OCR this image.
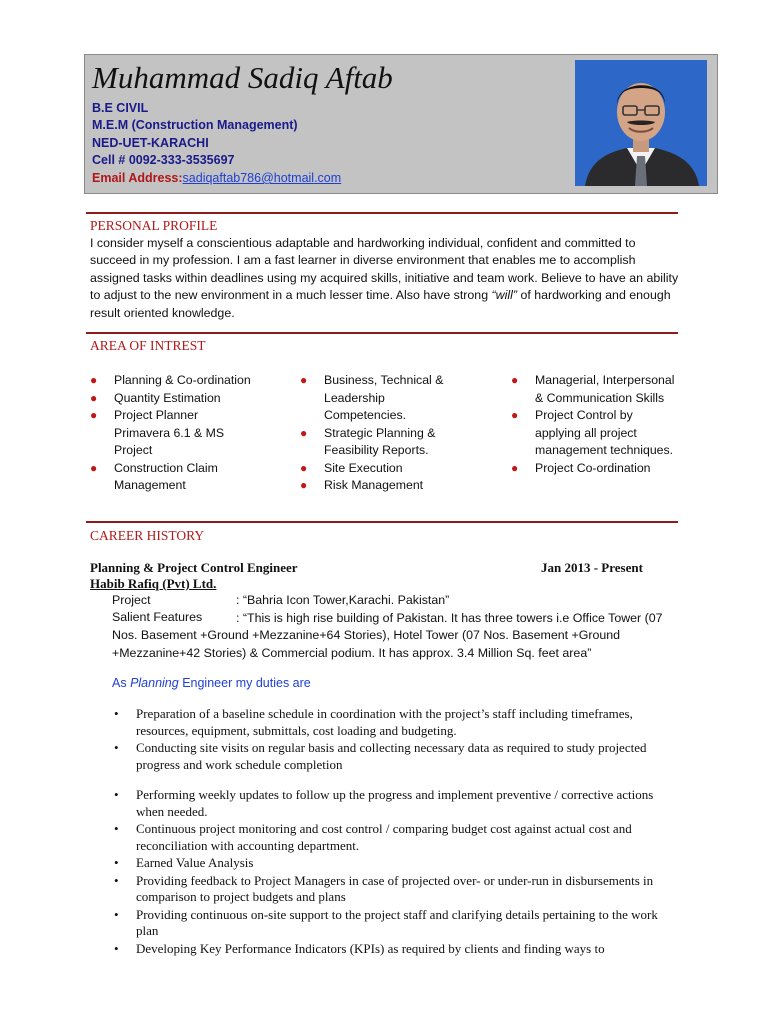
Muhammad Sadiq Aftab
B.E CIVIL
M.E.M (Construction Management)
NED-UET-KARACHI
Cell # 0092-333-3535697
Email Address:sadiqaftab786@hotmail.com
PERSONAL PROFILE
I consider myself a conscientious adaptable and hardworking individual, confident and committed to succeed in my profession. I am a fast learner in diverse environment that enables me to accomplish assigned tasks within deadlines using my acquired skills, initiative and team work. Believe to have an ability to adjust to the new environment in a much lesser time. Also have strong “will” of hardworking and enough result oriented knowledge.
AREA OF INTREST
● Planning & Co-ordination
● Quantity Estimation
● Project Planner Primavera 6.1 & MS Project
● Construction Claim Management
● Business, Technical & Leadership Competencies.
● Strategic Planning & Feasibility Reports.
● Site Execution
● Risk Management
● Managerial, Interpersonal & Communication Skills
● Project Control by applying all project management techniques.
● Project Co-ordination
CAREER HISTORY
Planning & Project Control Engineer	Jan 2013 - Present
Habib Rafiq (Pvt) Ltd.
Project	: “Bahria Icon Tower,Karachi. Pakistan”
Salient Features	: “This is high rise building of Pakistan. It has three towers i.e Office Tower (07 Nos. Basement +Ground +Mezzanine+64 Stories), Hotel Tower (07 Nos. Basement +Ground +Mezzanine+42 Stories) & Commercial podium. It has approx. 3.4 Million Sq. feet area”
As Planning Engineer my duties are
• Preparation of a baseline schedule in coordination with the project’s staff including timeframes, resources, equipment, submittals, cost loading and budgeting.
• Conducting site visits on regular basis and collecting necessary data as required to study projected progress and work schedule completion
• Performing weekly updates to follow up the progress and implement preventive / corrective actions when needed.
• Continuous project monitoring and cost control / comparing budget cost against actual cost and reconciliation with accounting department.
• Earned Value Analysis
• Providing feedback to Project Managers in case of projected over- or under-run in disbursements in comparison to project budgets and plans
• Providing continuous on-site support to the project staff and clarifying details pertaining to the work plan
• Developing Key Performance Indicators (KPIs) as required by clients and finding ways to
